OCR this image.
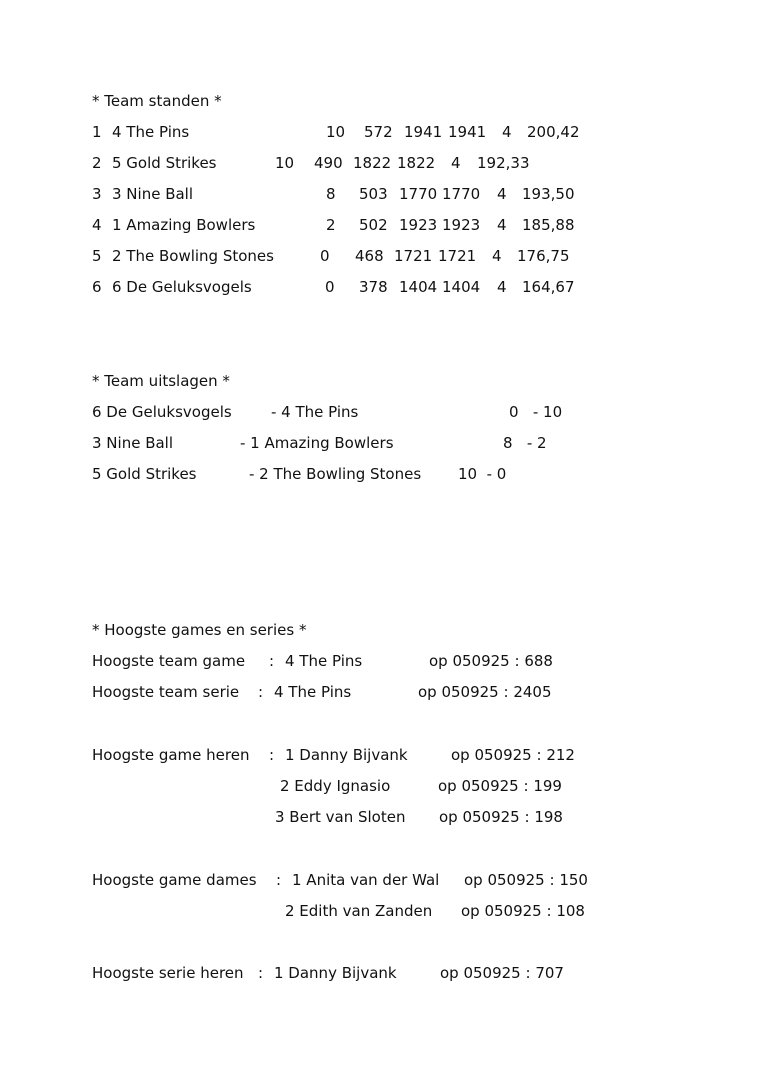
* Team standen *
1 4 The Pins	10 572 1941 1941 4 200,42
2 5 Gold Strikes	10 490 1822 1822 4 192,33
3 3 Nine Ball	8 503 1770 1770 4 193,50
4 1 Amazing Bowlers	2 502 1923 1923 4 185,88
5 2 The Bowling Stones	0 468 1721 1721 4 176,75
6 6 De Geluksvogels	0 378 1404 1404 4 164,67
* Team uitslagen *
6 De Geluksvogels	- 4 The Pins	0   - 10
3 Nine Ball	- 1 Amazing Bowlers	8   - 2
5 Gold Strikes	- 2 The Bowling Stones 10  - 0
* Hoogste games en series *
Hoogste team game : 4 The Pins	op 050925 : 688
Hoogste team serie : 4 The Pins	op 050925 : 2405
Hoogste game heren : 1 Danny Bijvank	op 050925 : 212
2 Eddy Ignasio	op 050925 : 199
3 Bert van Sloten op 050925 : 198
Hoogste game dames : 1 Anita van der Wal op 050925 : 150
2 Edith van Zanden op 050925 : 108
Hoogste serie heren : 1 Danny Bijvank	op 050925 : 707
